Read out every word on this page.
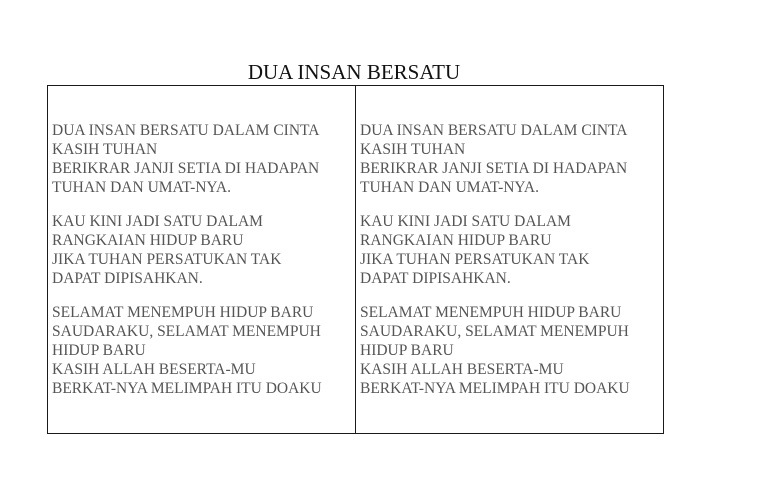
DUA INSAN BERSATU

DUA INSAN BERSATU DALAM CINTA
KASIH TUHAN
BERIKRAR JANJI SETIA DI HADAPAN
TUHAN DAN UMAT-NYA.

KAU KINI JADI SATU DALAM
RANGKAIAN HIDUP BARU
JIKA TUHAN PERSATUKAN TAK
DAPAT DIPISAHKAN.

SELAMAT MENEMPUH HIDUP BARU
SAUDARAKU, SELAMAT MENEMPUH
HIDUP BARU
KASIH ALLAH BESERTA-MU
BERKAT-NYA MELIMPAH ITU DOAKU

DUA INSAN BERSATU DALAM CINTA
KASIH TUHAN
BERIKRAR JANJI SETIA DI HADAPAN
TUHAN DAN UMAT-NYA.

KAU KINI JADI SATU DALAM
RANGKAIAN HIDUP BARU
JIKA TUHAN PERSATUKAN TAK
DAPAT DIPISAHKAN.

SELAMAT MENEMPUH HIDUP BARU
SAUDARAKU, SELAMAT MENEMPUH
HIDUP BARU
KASIH ALLAH BESERTA-MU
BERKAT-NYA MELIMPAH ITU DOAKU
